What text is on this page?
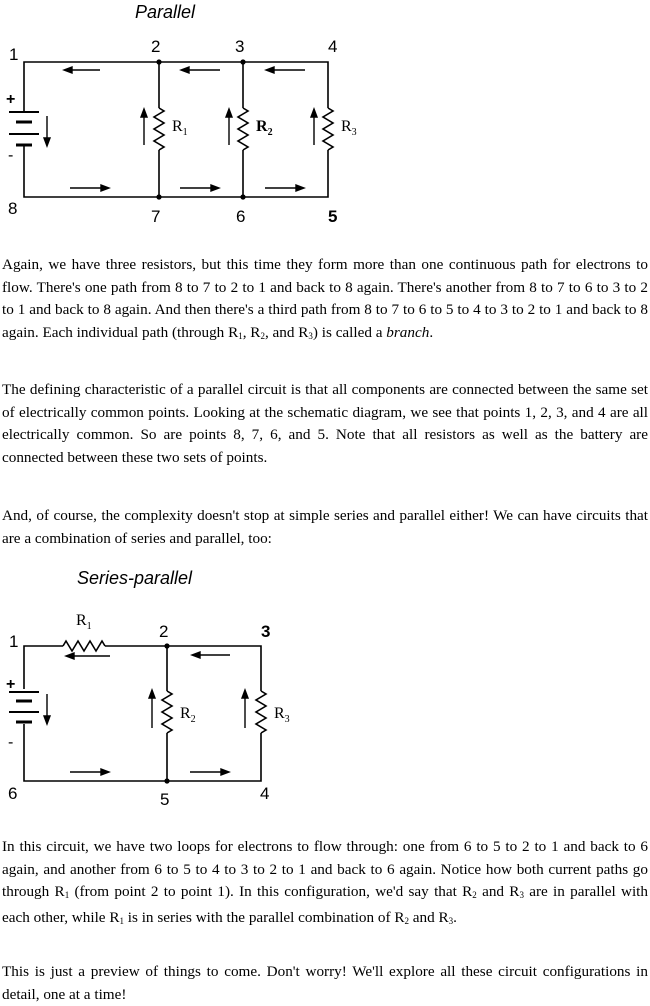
Parallel
1	2	3	4
5
6
7
8
+
-
$R_1$	$R_2$	$R_3$

Again, we have three resistors, but this time they form more than one continuous path for electrons to flow. There's one path from 8 to 7 to 2 to 1 and back to 8 again. There's another from 8 to 7 to 6 to 3 to 2 to 1 and back to 8 again. And then there's a third path from 8 to 7 to 6 to 5 to 4 to 3 to 2 to 1 and back to 8 again. Each individual path (through $R_1$, $R_2$, and $R_3$) is called a branch.

The defining characteristic of a parallel circuit is that all components are connected between the same set of electrically common points. Looking at the schematic diagram, we see that points 1, 2, 3, and 4 are all electrically common. So are points 8, 7, 6, and 5. Note that all resistors as well as the battery are connected between these two sets of points.

And, of course, the complexity doesn't stop at simple series and parallel either! We can have circuits that are a combination of series and parallel, too:

Series-parallel
1
2	3
4
5
6
+
-
$R_1$
$R_2$	$R_3$

In this circuit, we have two loops for electrons to flow through: one from 6 to 5 to 2 to 1 and back to 6 again, and another from 6 to 5 to 4 to 3 to 2 to 1 and back to 6 again. Notice how both current paths go through $R_1$ (from point 2 to point 1). In this configuration, we'd say that $R_2$ and $R_3$ are in parallel with each other, while $R_1$ is in series with the parallel combination of $R_2$ and $R_3$.

This is just a preview of things to come. Don't worry! We'll explore all these circuit configurations in detail, one at a time!
